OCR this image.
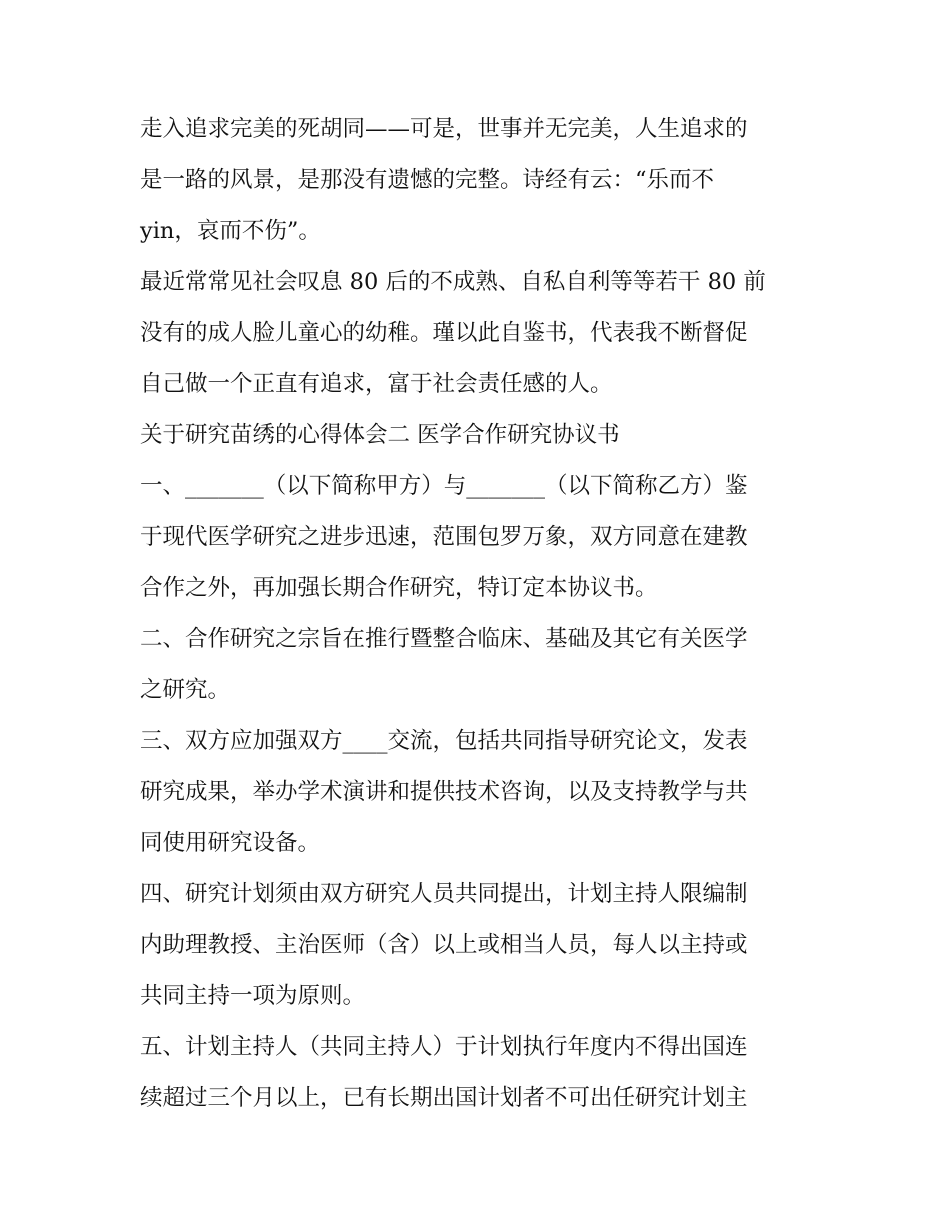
走入追求完美的死胡同——可是，世事并无完美，人生追求的
是一路的风景，是那没有遗憾的完整。诗经有云：“乐而不
yin，哀而不伤”。

最近常常见社会叹息 80 后的不成熟、自私自利等等若干 80 前
没有的成人脸儿童心的幼稚。瑾以此自鉴书，代表我不断督促
自己做一个正直有追求，富于社会责任感的人。

关于研究苗绣的心得体会二 医学合作研究协议书

一、_______（以下简称甲方）与_______（以下简称乙方）鉴
于现代医学研究之进步迅速，范围包罗万象，双方同意在建教
合作之外，再加强长期合作研究，特订定本协议书。

二、合作研究之宗旨在推行暨整合临床、基础及其它有关医学
之研究。

三、双方应加强双方____交流，包括共同指导研究论文，发表
研究成果，举办学术演讲和提供技术咨询，以及支持教学与共
同使用研究设备。

四、研究计划须由双方研究人员共同提出，计划主持人限编制
内助理教授、主治医师（含）以上或相当人员，每人以主持或
共同主持一项为原则。

五、计划主持人（共同主持人）于计划执行年度内不得出国连
续超过三个月以上，已有长期出国计划者不可出任研究计划主
